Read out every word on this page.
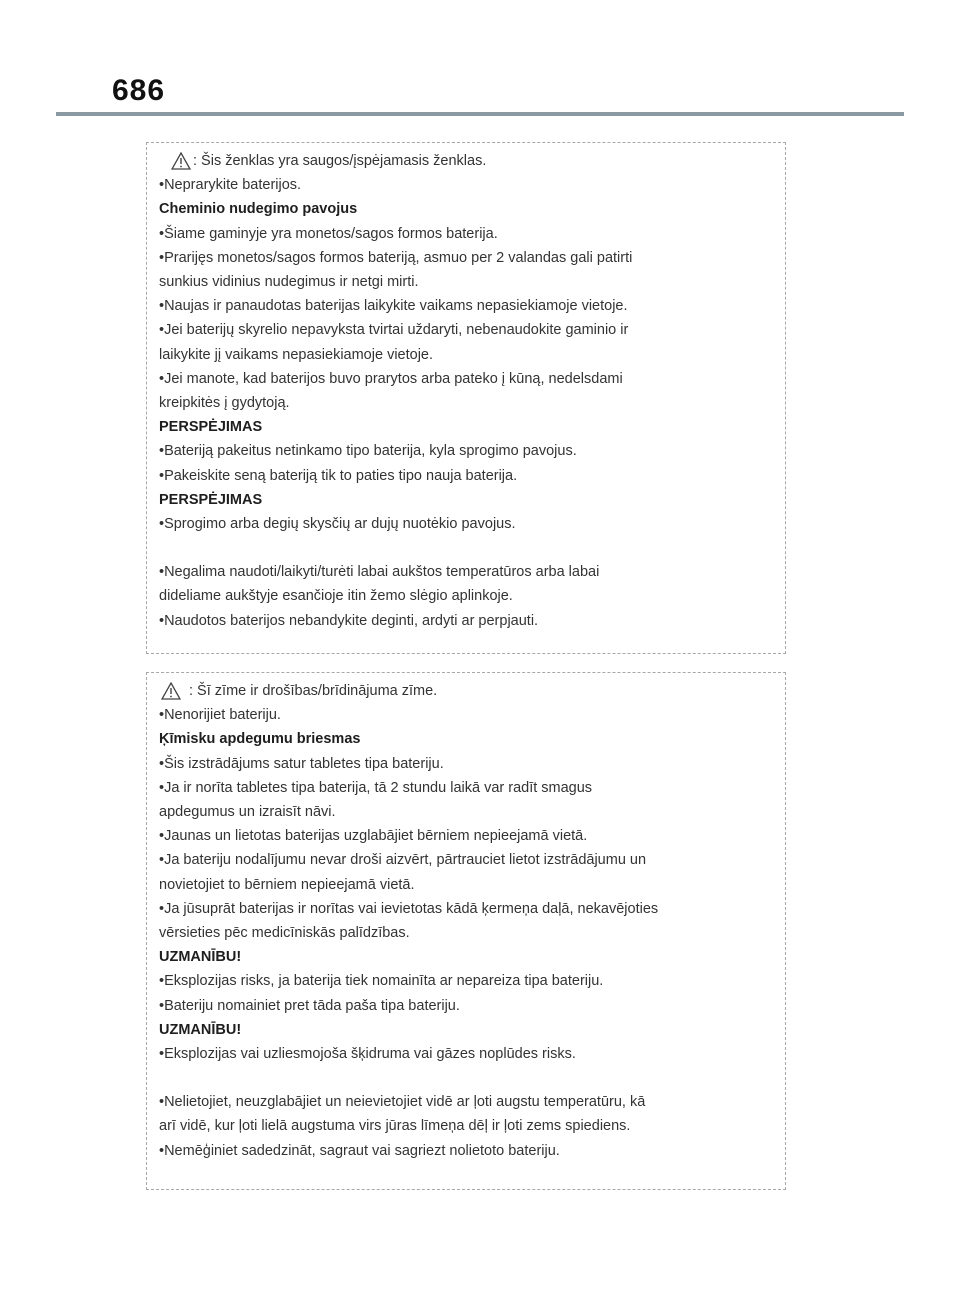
686
: Šis ženklas yra saugos/įspėjamasis ženklas.
•Neprarykite baterijos.
Cheminio nudegimo pavojus
•Šiame gaminyje yra monetos/sagos formos baterija.
•Prarijęs monetos/sagos formos bateriją, asmuo per 2 valandas gali patirti
sunkius vidinius nudegimus ir netgi mirti.
•Naujas ir panaudotas baterijas laikykite vaikams nepasiekiamoje vietoje.
•Jei baterijų skyrelio nepavyksta tvirtai uždaryti, nebenaudokite gaminio ir
laikykite jį vaikams nepasiekiamoje vietoje.
•Jei manote, kad baterijos buvo prarytos arba pateko į kūną, nedelsdami
kreipkitės į gydytoją.
PERSPĖJIMAS
•Bateriją pakeitus netinkamo tipo baterija, kyla sprogimo pavojus.
•Pakeiskite seną bateriją tik to paties tipo nauja baterija.
PERSPĖJIMAS
•Sprogimo arba degių skysčių ar dujų nuotėkio pavojus.
•Negalima naudoti/laikyti/turėti labai aukštos temperatūros arba labai
dideliame aukštyje esančioje itin žemo slėgio aplinkoje.
•Naudotos baterijos nebandykite deginti, ardyti ar perpjauti.
: Šī zīme ir drošības/brīdinājuma zīme.
•Nenorijiet bateriju.
Ķīmisku apdegumu briesmas
•Šis izstrādājums satur tabletes tipa bateriju.
•Ja ir norīta tabletes tipa baterija, tā 2 stundu laikā var radīt smagus
apdegumus un izraisīt nāvi.
•Jaunas un lietotas baterijas uzglabājiet bērniem nepieejamā vietā.
•Ja bateriju nodalījumu nevar droši aizvērt, pārtrauciet lietot izstrādājumu un
novietojiet to bērniem nepieejamā vietā.
•Ja jūsuprāt baterijas ir norītas vai ievietotas kādā ķermeņa daļā, nekavējoties
vērsieties pēc medicīniskās palīdzības.
UZMANĪBU!
•Eksplozijas risks, ja baterija tiek nomainīta ar nepareiza tipa bateriju.
•Bateriju nomainiet pret tāda paša tipa bateriju.
UZMANĪBU!
•Eksplozijas vai uzliesmojoša šķidruma vai gāzes noplūdes risks.
•Nelietojiet, neuzglabājiet un neievietojiet vidē ar ļoti augstu temperatūru, kā
arī vidē, kur ļoti lielā augstuma virs jūras līmeņa dēļ ir ļoti zems spiediens.
•Nemēģiniet sadedzināt, sagraut vai sagriezt nolietoto bateriju.
